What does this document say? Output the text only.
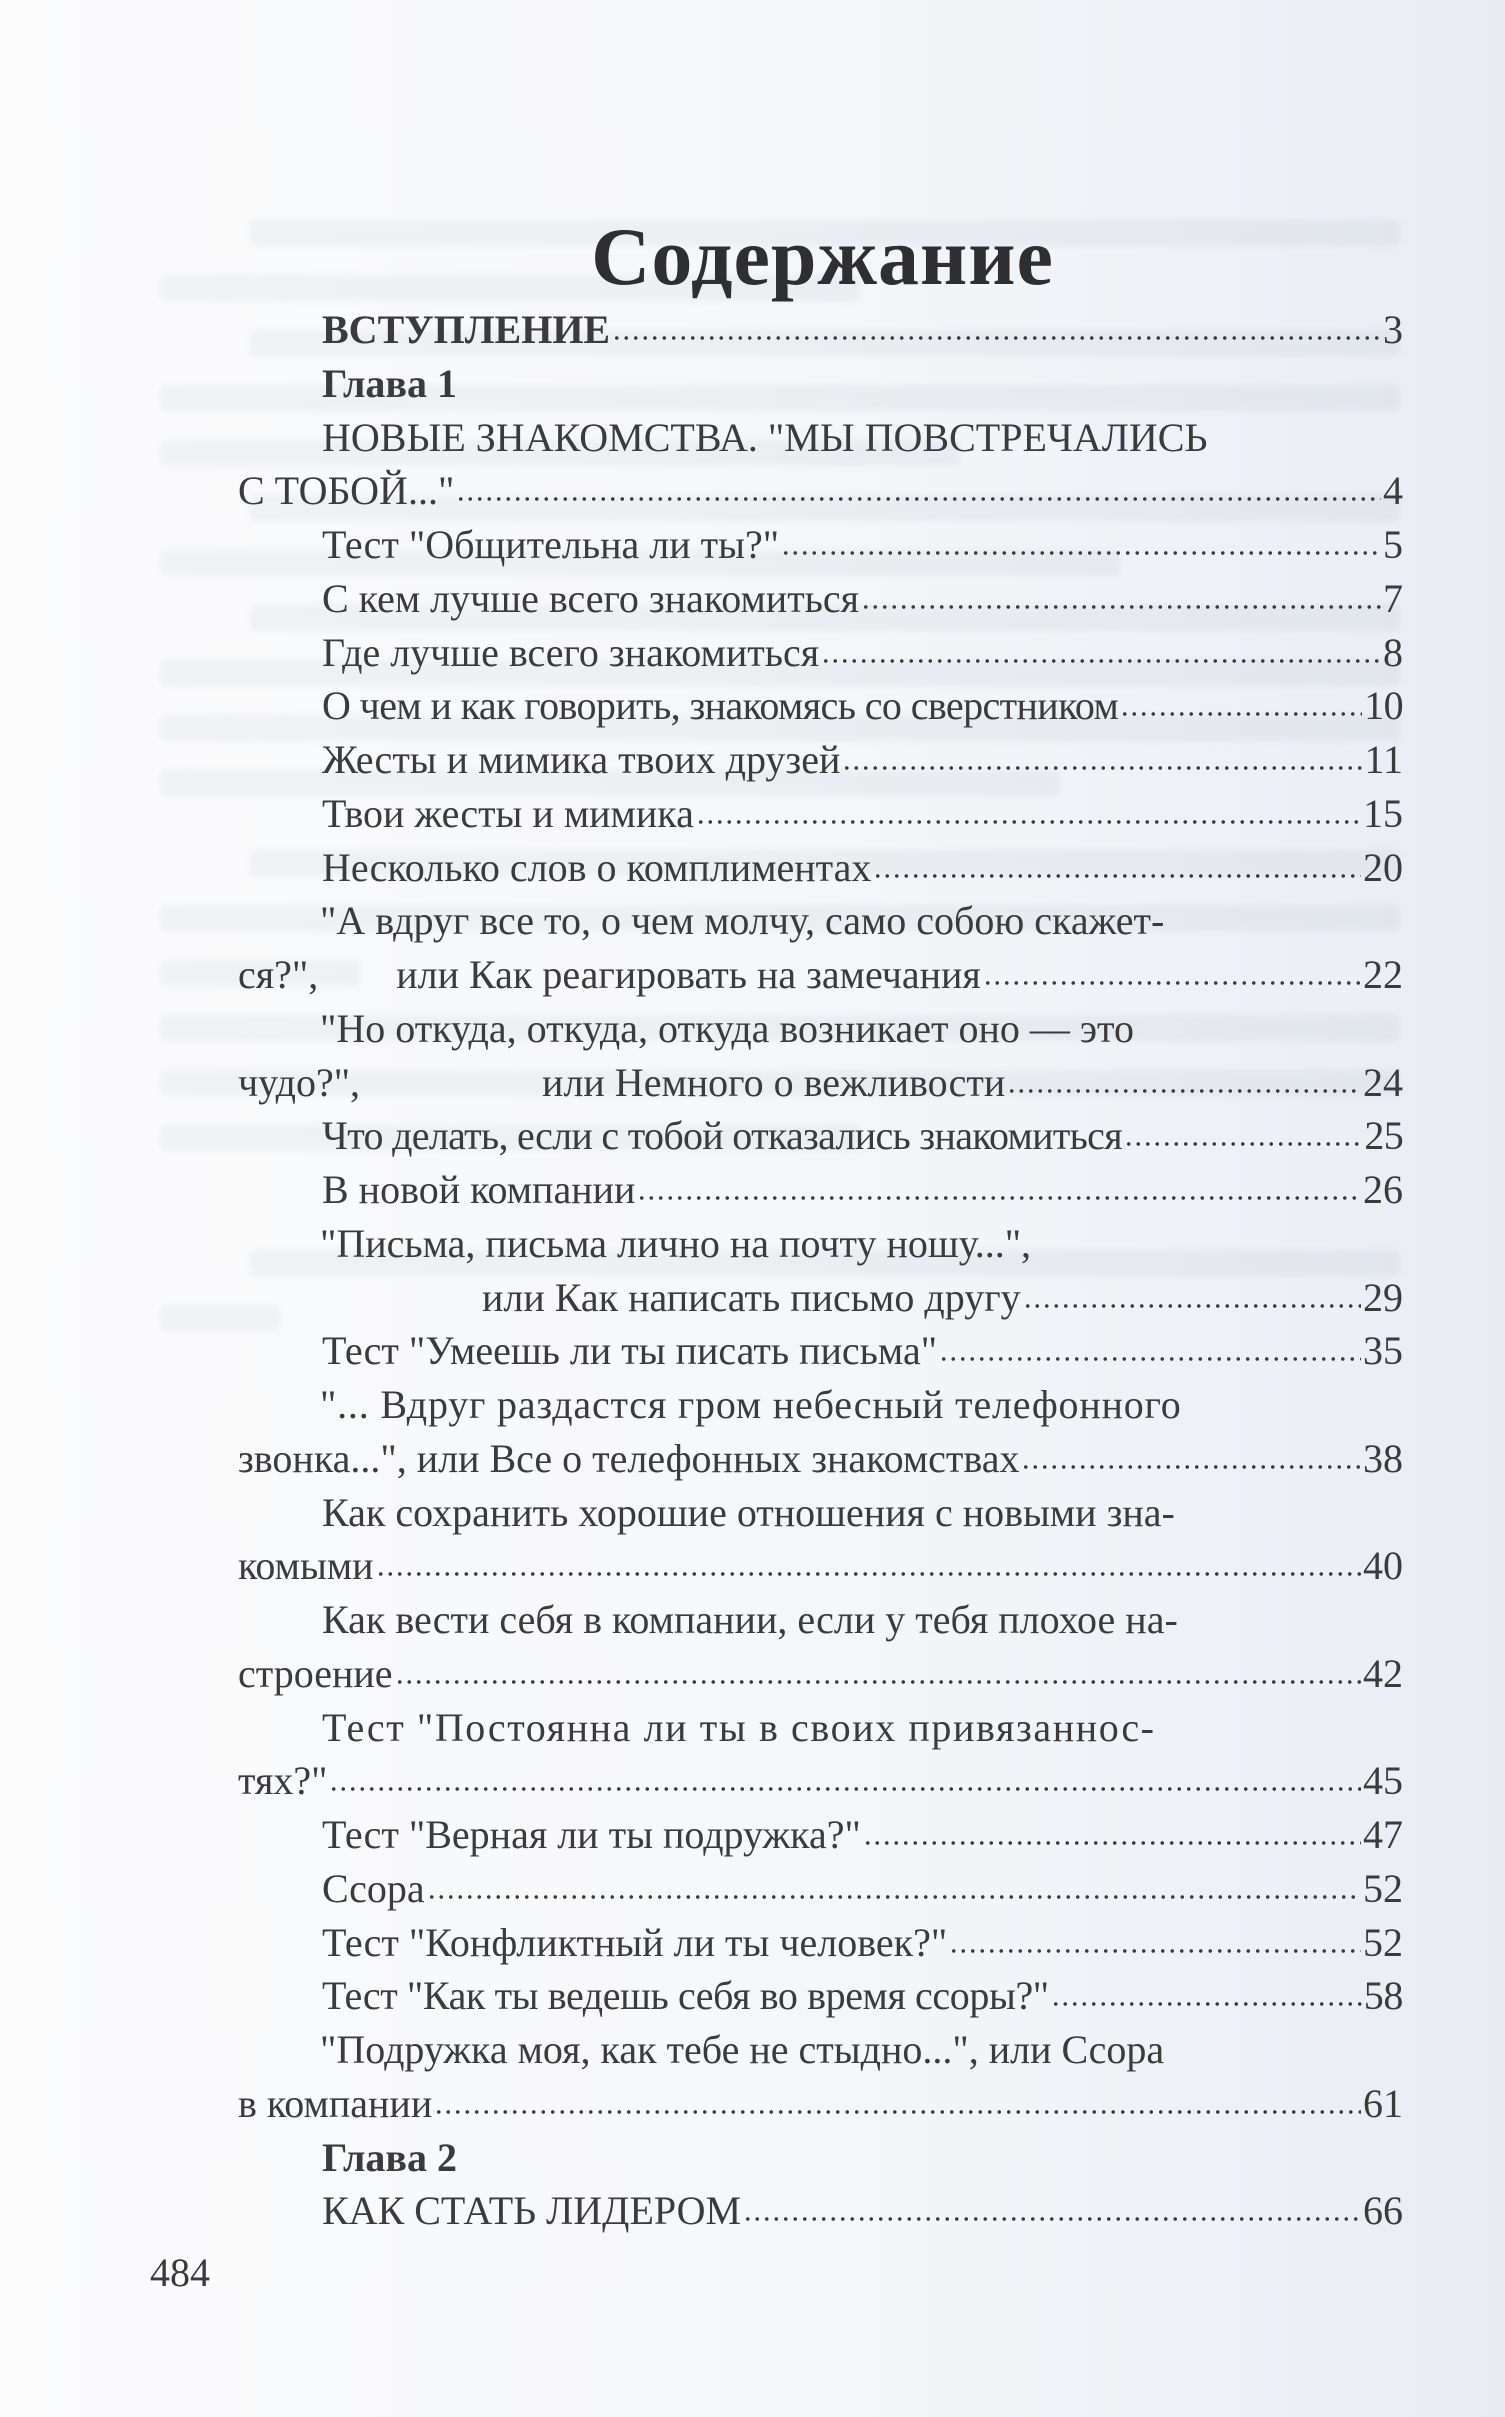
Содержание
ВСТУПЛЕНИЕ	3
Глава 1
НОВЫЕ ЗНАКОМСТВА. "МЫ ПОВСТРЕЧАЛИСЬ
С ТОБОЙ..."	4
Тест "Общительна ли ты?"	5
С кем лучше всего знакомиться	7
Где лучше всего знакомиться	8
О чем и как говорить, знакомясь со сверстником	10
Жесты и мимика твоих друзей	11
Твои жесты и мимика	15
Несколько слов о комплиментах	20
"А вдруг все то, о чем молчу, само собою скажет-
ся?", или Как реагировать на замечания	22
"Но откуда, откуда, откуда возникает оно — это
чудо?",	или Немного о вежливости	24
Что делать, если с тобой отказались знакомиться	25
В новой компании	26
"Письма, письма лично на почту ношу...",
или Как написать письмо другу	29
Тест "Умеешь ли ты писать письма"	35
"... Вдруг раздастся гром небесный телефонного
звонка...", или Все о телефонных знакомствах	38
Как сохранить хорошие отношения с новыми зна-
комыми	40
Как вести себя в компании, если у тебя плохое на-
строение	42
Тест "Постоянна ли ты в своих привязаннос-
тях?"	45
Тест "Верная ли ты подружка?"	47
Ссора	52
Тест "Конфликтный ли ты человек?"	52
Тест "Как ты ведешь себя во время ссоры?"	58
"Подружка моя, как тебе не стыдно...", или Ссора
в компании	61
Глава 2
КАК СТАТЬ ЛИДЕРОМ	66
484
